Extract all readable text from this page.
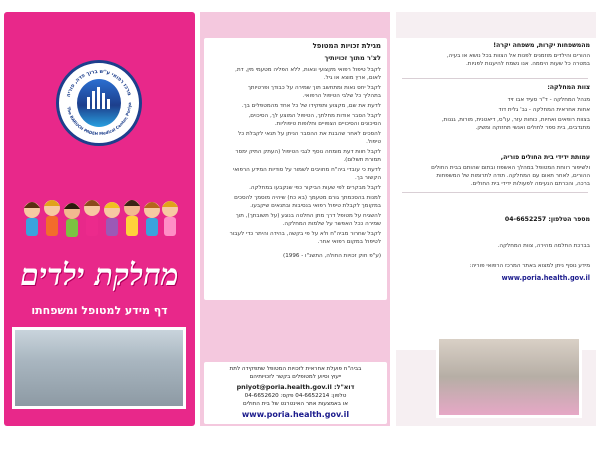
מרכז רפואי ע"ש ברוך פדה, פוריה
The BARUCH PADEH Medical Center, Poriya
מחלקת ילדים
דף מידע למטופל ומשפחתו
מגילת זכויות המטופל
לצ'ר מתוך זכויותיך
לקבל טיפול רפואי מקצועי ונאות, ללא הפליה מטעמי מין, דת,
לאום, ארץ מוצא או גיל.
לקבל יחס נאות ומתחשב תוך שמירה על כבודך ופרטיותך
בתהליך כל שלבי הטיפול הרפואי.
לדעת את שם, מקצוע ותפקידו של כל אחד מהמטפלים בך.
לקבל הסבר אודות מחלתך, הטיפול המוצע לך, הסיכוים,
הסיכונים והסיכויים הצפויים וחלופות טיפוליות.
להסכים לאחר שהבנת את ההסבר הניתן על תנאי לקבלת כל
טיפול.
לקבל חוות דעת מומחה נוסף לגבי הטיפול (העתק התיק ימסר
תמורת תשלום).
לדעת כי עובדי ביה"ח מחויבים לשמור על סודיות המידע הרפואי
הקשור בך.
לקבל מבקרים לפי שעות הביקור כפי שנקבעו במחלקה.
למנות בהסכמתך גורם מטעמך (בא כח) שיהיה מוסמך להסכים
במקומך לקבלת טיפול רפואי בנסיבות ובתנאים שיקבעו.
להשגיח על מטופל דרך מתן החלטה בנוגע (על תשובתך), תוך
שמירה ככל האפשר על שלמות המחלקה.
לקבל שחרור מביה"ח ולא על פי בקשה, בהידה והיתר כדי לעבור
לטיפול במקום רפואי אחר.
(ע"פ חוק זכויות החולה, התשנ"ו - 1996)
בביה"ח פועלת אחראית לזכויות המטופל שתפקידה לתת
ייעוץ וסיוע למטופלים בקשר לזכויותיהם
דוא"ל: pniyot@poria.health.gov.il
טלפון: 04-6652214 פקס: 04-6652620
או באמצעות אתר האינטרנט של בית החולים
www.poria.health.gov.il
מהמשפחות יקרות, משפחה יקרה!
ההורים והילדים מוזמנים לפנות אל הצוות בכל נושא או בעיה,
במטרה כל שעות היממה. אנו נשמח להיענות לפניות.
צוות המחלקה:
מנהל המחלקה - ד"ר סעיד אבו זיד
אחות אחראית המחלקה - גב' גלית דוד
בצוות רופאים ואחיות, כוחות עזר, עו"ס, דיאטנית, מורות, גננות,
מתנדבים, בית ספר לחולים ואנשי תחזוקה ומשק.
עמותת ידידי בית החולים פוריה,
ולשיפור רווחת המטופל במהלך האשפוז ובתום שהותם בבית החולים
ההורים, לאחר תאום עם המחלקה. תודה לתרומות של המשפחות
ברכה, והכרתם הנעימה לפעולות ידידי בית החולים.
מספר הטלפון: 04-6652257
בברכת החלמה מהירה, צוות המחלקה.
מידע נוסף ניתן למצוא באתר המרכז הרפואי פוריה:
www.poria.health.gov.il
